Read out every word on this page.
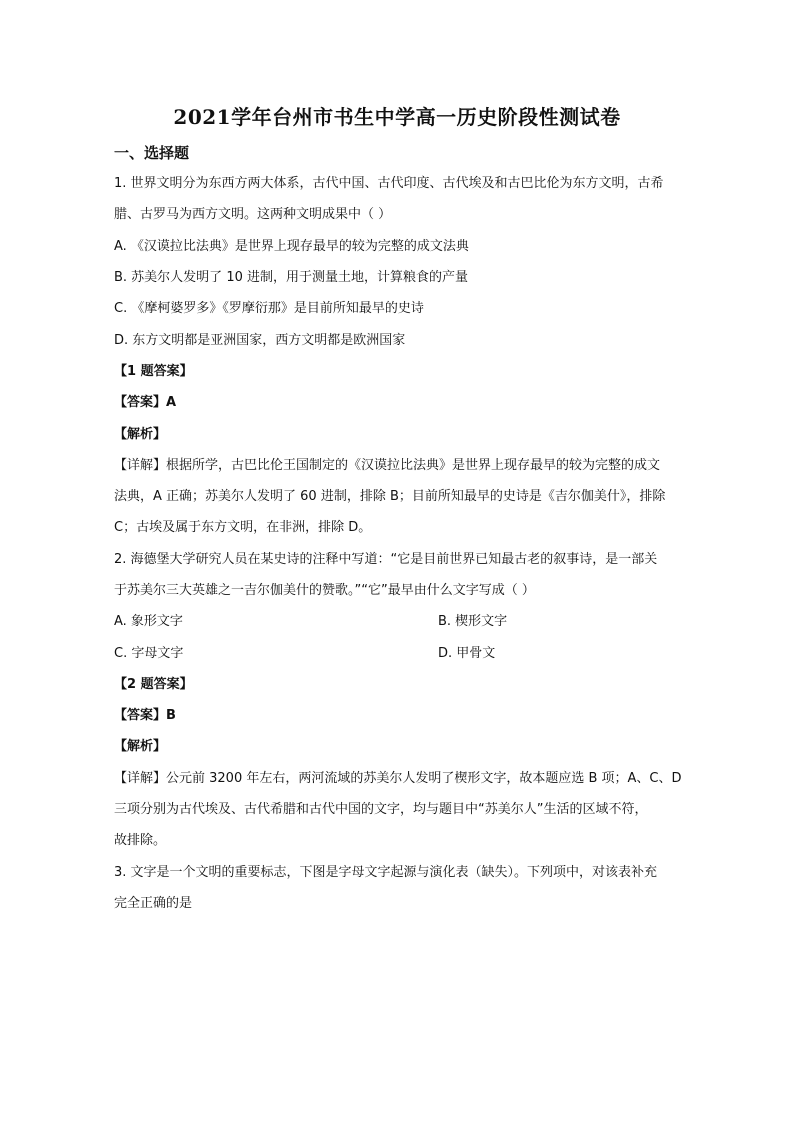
2021学年台州市书生中学高一历史阶段性测试卷
一、选择题
1. 世界文明分为东西方两大体系，古代中国、古代印度、古代埃及和古巴比伦为东方文明，古希
腊、古罗马为西方文明。这两种文明成果中（ ）
A. 《汉谟拉比法典》是世界上现存最早的较为完整的成文法典
B. 苏美尔人发明了 10 进制，用于测量土地，计算粮食的产量
C. 《摩柯婆罗多》《罗摩衍那》是目前所知最早的史诗
D. 东方文明都是亚洲国家，西方文明都是欧洲国家
【1 题答案】
【答案】A
【解析】
【详解】根据所学，古巴比伦王国制定的《汉谟拉比法典》是世界上现存最早的较为完整的成文
法典，A 正确；苏美尔人发明了 60 进制，排除 B；目前所知最早的史诗是《吉尔伽美什》，排除
C；古埃及属于东方文明，在非洲，排除 D。
2. 海德堡大学研究人员在某史诗的注释中写道：“它是目前世界已知最古老的叙事诗，是一部关
于苏美尔三大英雄之一吉尔伽美什的赞歌。”“它”最早由什么文字写成（ ）
A. 象形文字	B. 楔形文字
C. 字母文字	D. 甲骨文
【2 题答案】
【答案】B
【解析】
【详解】公元前 3200 年左右，两河流域的苏美尔人发明了楔形文字，故本题应选 B 项；A、C、D
三项分别为古代埃及、古代希腊和古代中国的文字，均与题目中“苏美尔人”生活的区域不符，
故排除。
3. 文字是一个文明的重要标志，下图是字母文字起源与演化表（缺失）。下列项中，对该表补充
完全正确的是
